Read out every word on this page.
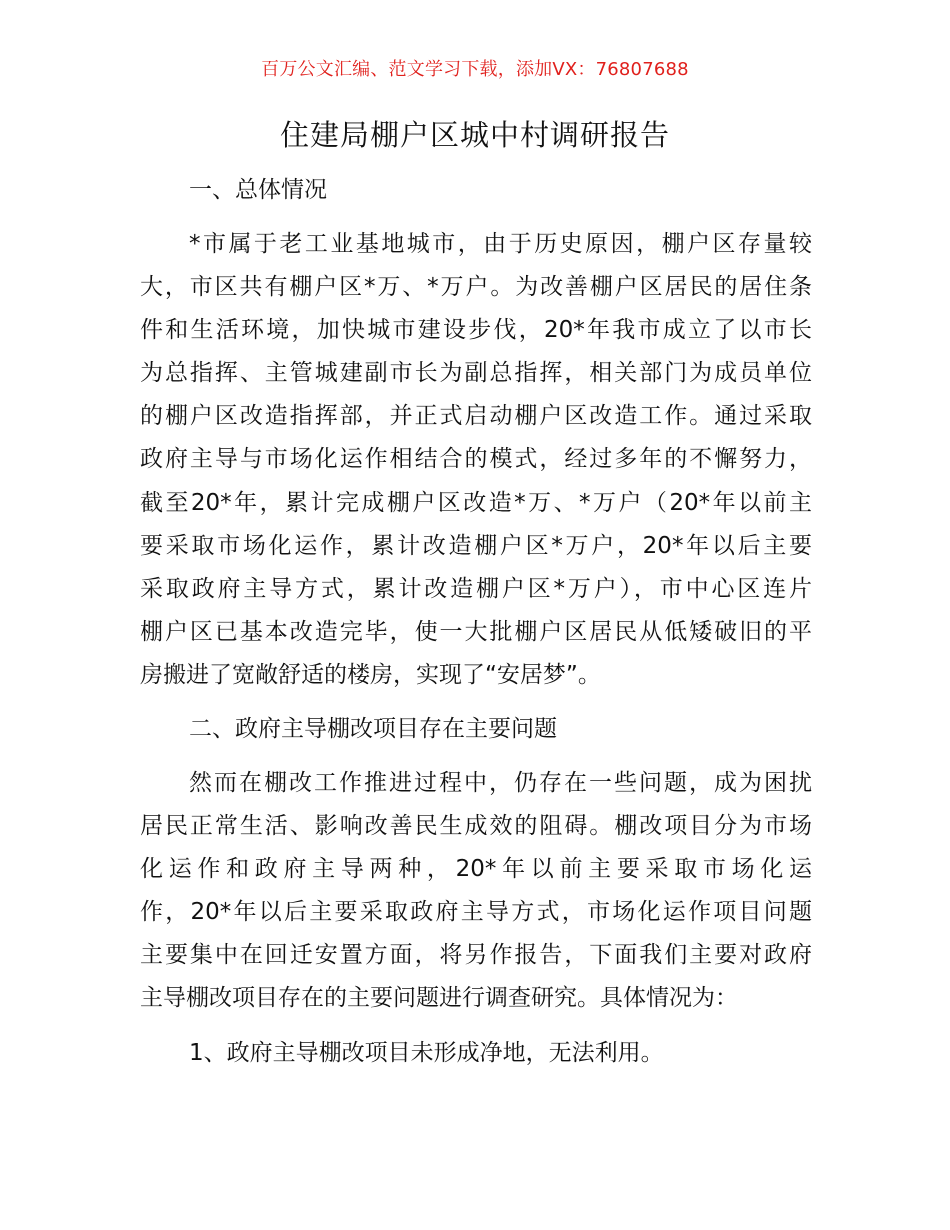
百万公文汇编、范文学习下载，添加VX：76807688
住建局棚户区城中村调研报告
一、总体情况
*市属于老工业基地城市，由于历史原因，棚户区存量较
大，市区共有棚户区*万、*万户。为改善棚户区居民的居住条
件和生活环境，加快城市建设步伐，20*年我市成立了以市长
为总指挥、主管城建副市长为副总指挥，相关部门为成员单位
的棚户区改造指挥部，并正式启动棚户区改造工作。通过采取
政府主导与市场化运作相结合的模式，经过多年的不懈努力，
截至20*年，累计完成棚户区改造*万、*万户（20*年以前主
要采取市场化运作，累计改造棚户区*万户，20*年以后主要
采取政府主导方式，累计改造棚户区*万户），市中心区连片
棚户区已基本改造完毕，使一大批棚户区居民从低矮破旧的平
房搬进了宽敞舒适的楼房，实现了“安居梦”。
二、政府主导棚改项目存在主要问题
然而在棚改工作推进过程中，仍存在一些问题，成为困扰
居民正常生活、影响改善民生成效的阻碍。棚改项目分为市场
化运作和政府主导两种，20*年以前主要采取市场化运
作，20*年以后主要采取政府主导方式，市场化运作项目问题
主要集中在回迁安置方面，将另作报告，下面我们主要对政府
主导棚改项目存在的主要问题进行调查研究。具体情况为：
1、政府主导棚改项目未形成净地，无法利用。
